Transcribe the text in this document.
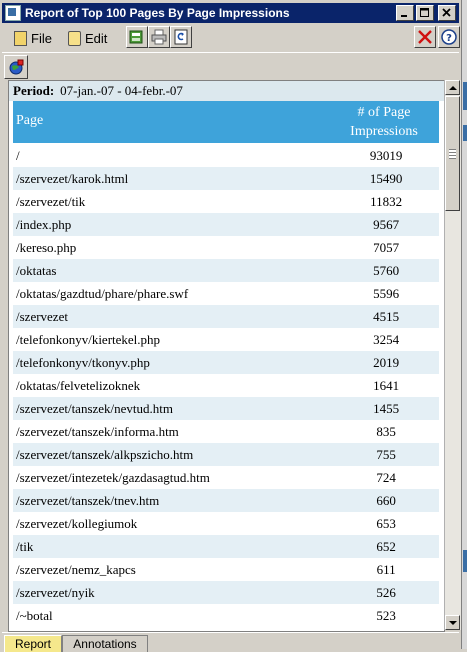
Report of Top 100 Pages By Page Impressions
File	Edit	?
Period: 07-jan.-07 - 04-febr.-07
Page
# of Page
Impressions
/	93019
/szervezet/karok.html	15490
/szervezet/tik	11832
/index.php	9567
/kereso.php	7057
/oktatas	5760
/oktatas/gazdtud/phare/phare.swf	5596
/szervezet	4515
/telefonkonyv/kiertekel.php	3254
/telefonkonyv/tkonyv.php	2019
/oktatas/felvetelizoknek	1641
/szervezet/tanszek/nevtud.htm	1455
/szervezet/tanszek/informa.htm	835
/szervezet/tanszek/alkpszicho.htm	755
/szervezet/intezetek/gazdasagtud.htm	724
/szervezet/tanszek/tnev.htm	660
/szervezet/kollegiumok	653
/tik	652
/szervezet/nemz_kapcs	611
/szervezet/nyik	526
/~botal	523
Report	Annotations
